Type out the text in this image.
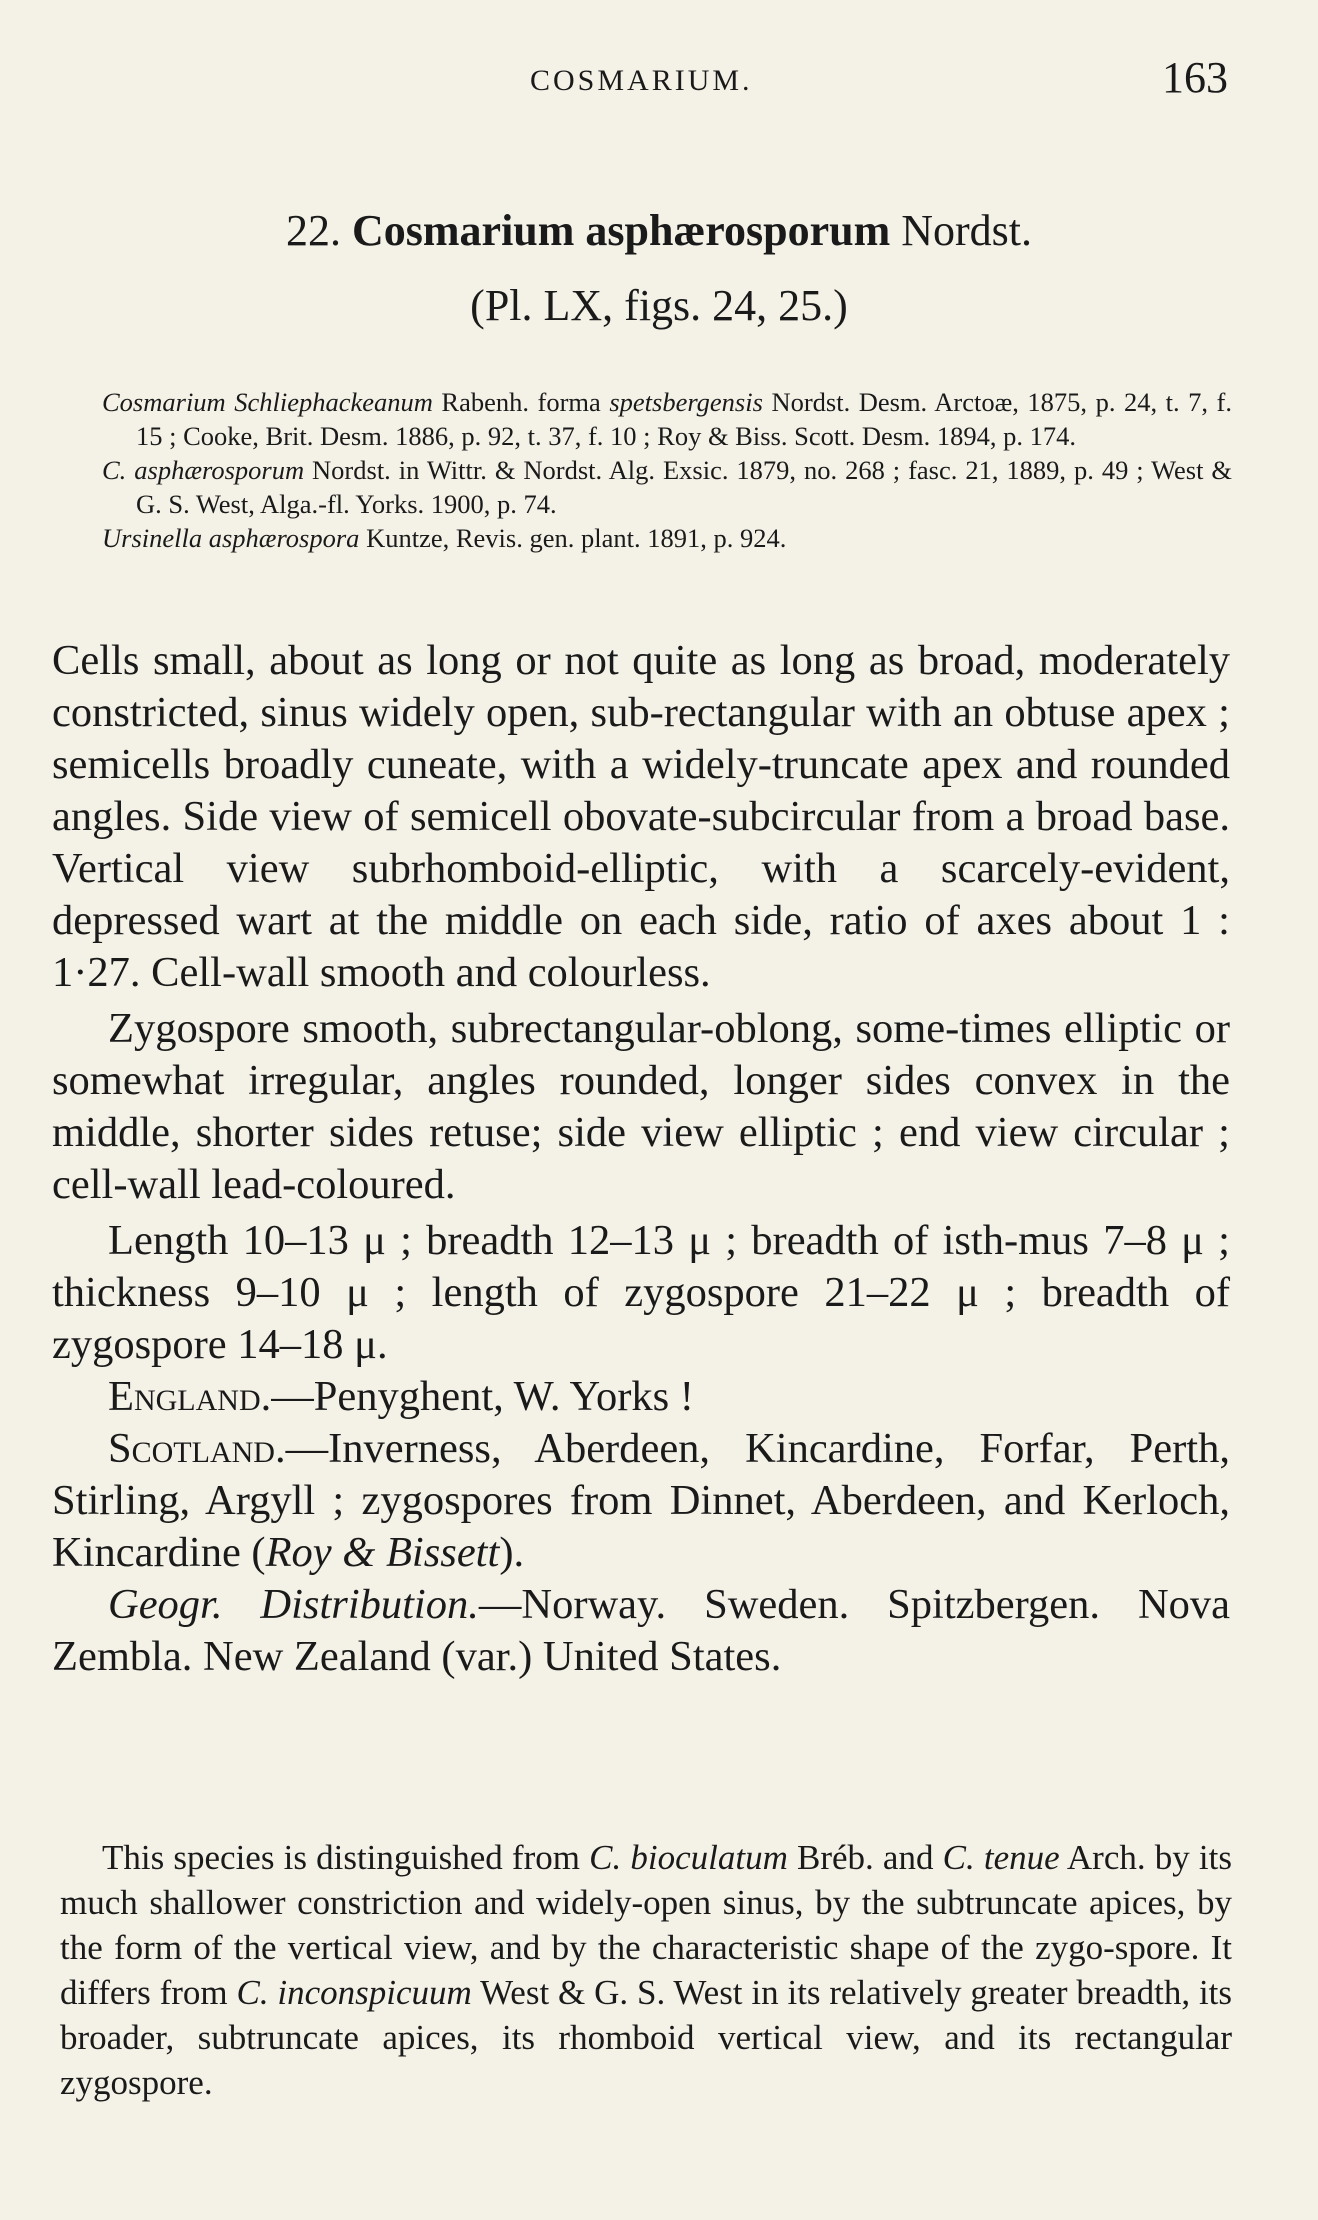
COSMARIUM.	163
22. Cosmarium asphærosporum Nordst.
(Pl. LX, figs. 24, 25.)
Cosmarium Schliephackeanum Rabenh. forma spetsbergensis Nordst. Desm. Arctoæ, 1875, p. 24, t. 7, f. 15 ; Cooke, Brit. Desm. 1886, p. 92, t. 37, f. 10 ; Roy & Biss. Scott. Desm. 1894, p. 174.
C. asphærosporum Nordst. in Wittr. & Nordst. Alg. Exsic. 1879, no. 268 ; fasc. 21, 1889, p. 49 ; West & G. S. West, Alga.-fl. Yorks. 1900, p. 74.
Ursinella asphærospora Kuntze, Revis. gen. plant. 1891, p. 924.

Cells small, about as long or not quite as long as broad, moderately constricted, sinus widely open, sub-rectangular with an obtuse apex ; semicells broadly cuneate, with a widely-truncate apex and rounded angles. Side view of semicell obovate-subcircular from a broad base. Vertical view subrhomboid-elliptic, with a scarcely-evident, depressed wart at the middle on each side, ratio of axes about 1 : 1·27. Cell-wall smooth and colourless.

Zygospore smooth, subrectangular-oblong, some-times elliptic or somewhat irregular, angles rounded, longer sides convex in the middle, shorter sides retuse; side view elliptic ; end view circular ; cell-wall lead-coloured.

Length 10–13 μ ; breadth 12–13 μ ; breadth of isth-mus 7–8 μ ; thickness 9–10 μ ; length of zygospore 21–22 μ ; breadth of zygospore 14–18 μ.

England.—Penyghent, W. Yorks !

Scotland.—Inverness, Aberdeen, Kincardine, Forfar, Perth, Stirling, Argyll ; zygospores from Dinnet, Aberdeen, and Kerloch, Kincardine (Roy & Bissett).

Geogr. Distribution.—Norway. Sweden. Spitzbergen. Nova Zembla. New Zealand (var.) United States.

This species is distinguished from C. bioculatum Bréb. and C. tenue Arch. by its much shallower constriction and widely-open sinus, by the subtruncate apices, by the form of the vertical view, and by the characteristic shape of the zygo-spore. It differs from C. inconspicuum West & G. S. West in its relatively greater breadth, its broader, subtruncate apices, its rhomboid vertical view, and its rectangular zygospore.
